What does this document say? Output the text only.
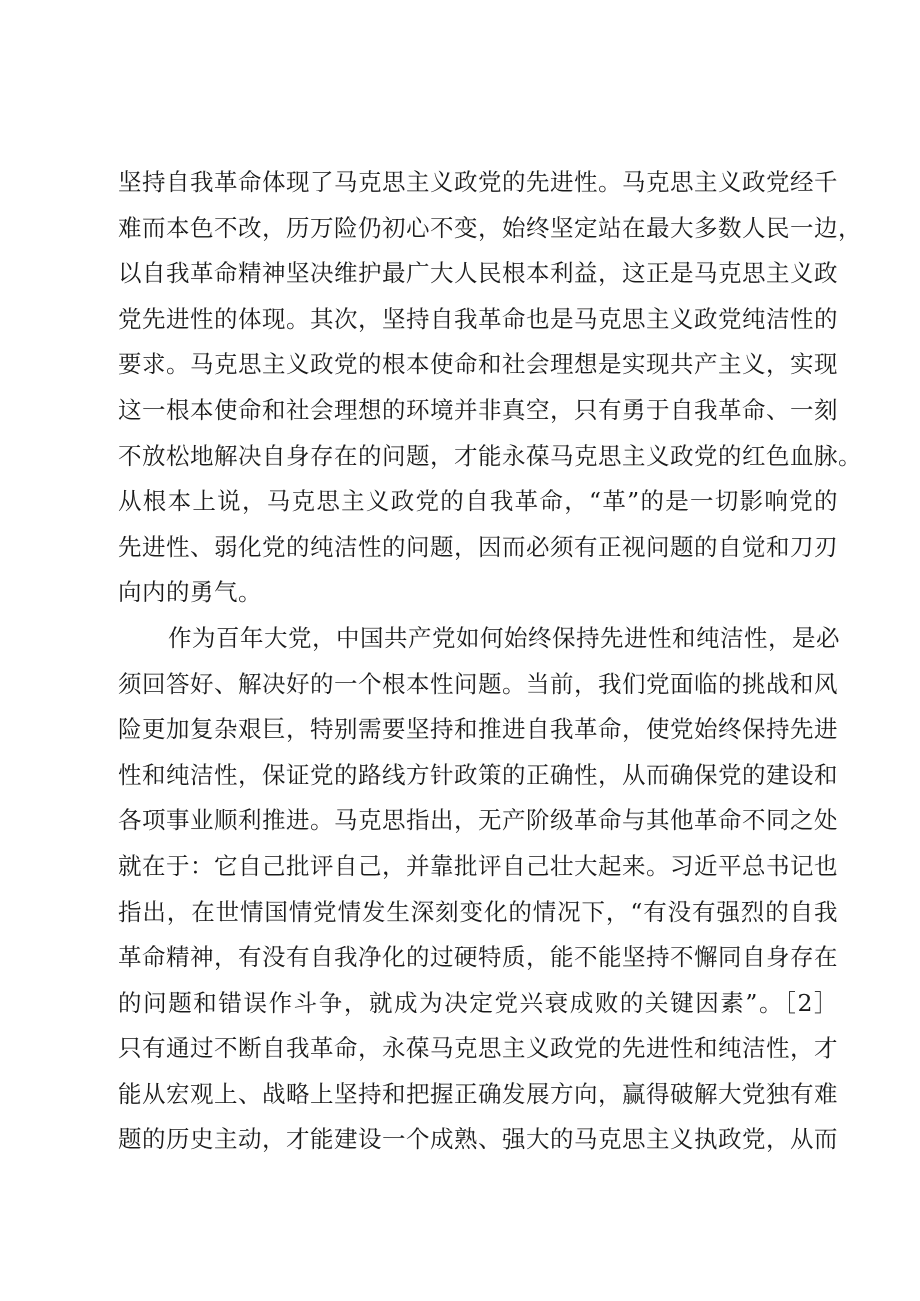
坚持自我革命体现了马克思主义政党的先进性。马克思主义政党经千
难而本色不改，历万险仍初心不变，始终坚定站在最大多数人民一边，
以自我革命精神坚决维护最广大人民根本利益，这正是马克思主义政
党先进性的体现。其次，坚持自我革命也是马克思主义政党纯洁性的
要求。马克思主义政党的根本使命和社会理想是实现共产主义，实现
这一根本使命和社会理想的环境并非真空，只有勇于自我革命、一刻
不放松地解决自身存在的问题，才能永葆马克思主义政党的红色血脉。
从根本上说，马克思主义政党的自我革命，“革”的是一切影响党的
先进性、弱化党的纯洁性的问题，因而必须有正视问题的自觉和刀刃
向内的勇气。
作为百年大党，中国共产党如何始终保持先进性和纯洁性，是必
须回答好、解决好的一个根本性问题。当前，我们党面临的挑战和风
险更加复杂艰巨，特别需要坚持和推进自我革命，使党始终保持先进
性和纯洁性，保证党的路线方针政策的正确性，从而确保党的建设和
各项事业顺利推进。马克思指出，无产阶级革命与其他革命不同之处
就在于：它自己批评自己，并靠批评自己壮大起来。习近平总书记也
指出，在世情国情党情发生深刻变化的情况下，“有没有强烈的自我
革命精神，有没有自我净化的过硬特质，能不能坚持不懈同自身存在
的问题和错误作斗争，就成为决定党兴衰成败的关键因素”。［2］
只有通过不断自我革命，永葆马克思主义政党的先进性和纯洁性，才
能从宏观上、战略上坚持和把握正确发展方向，赢得破解大党独有难
题的历史主动，才能建设一个成熟、强大的马克思主义执政党，从而
